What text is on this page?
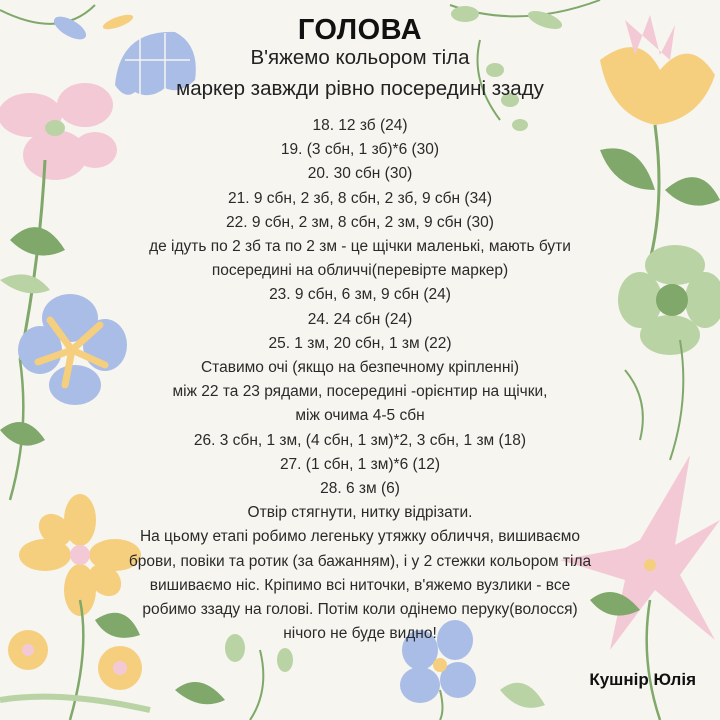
ГОЛОВА
В'яжемо кольором тіла
маркер завжди рівно посередині ззаду
18. 12 зб (24)
19. (3 сбн, 1 зб)*6 (30)
20. 30 сбн (30)
21. 9 сбн, 2 зб, 8 сбн, 2 зб, 9 сбн (34)
22. 9 сбн, 2 зм, 8 сбн, 2 зм, 9 сбн (30)
де ідуть по 2 зб та по 2 зм - це щічки маленькі, мають бути
посередині на обличчі(перевірте маркер)
23. 9 сбн, 6 зм, 9 сбн (24)
24. 24 сбн (24)
25. 1 зм, 20 сбн, 1 зм (22)
Ставимо очі (якщо на безпечному кріпленні)
між 22 та 23 рядами, посередині -орієнтир на щічки,
між очима 4-5 сбн
26. 3 сбн, 1 зм, (4 сбн, 1 зм)*2, 3 сбн, 1 зм (18)
27. (1 сбн, 1 зм)*6 (12)
28. 6 зм (6)
Отвір стягнути, нитку відрізати.
На цьому етапі робимо легеньку утяжку обличчя, вишиваємо
брови, повіки та ротик (за бажанням), і у 2 стежки кольором тіла
вишиваємо ніс. Кріпимо всі ниточки, в'яжемо вузлики - все
робимо ззаду на голові. Потім коли одінемо перуку(волосся)
нічого не буде видно!
Кушнір Юлія
